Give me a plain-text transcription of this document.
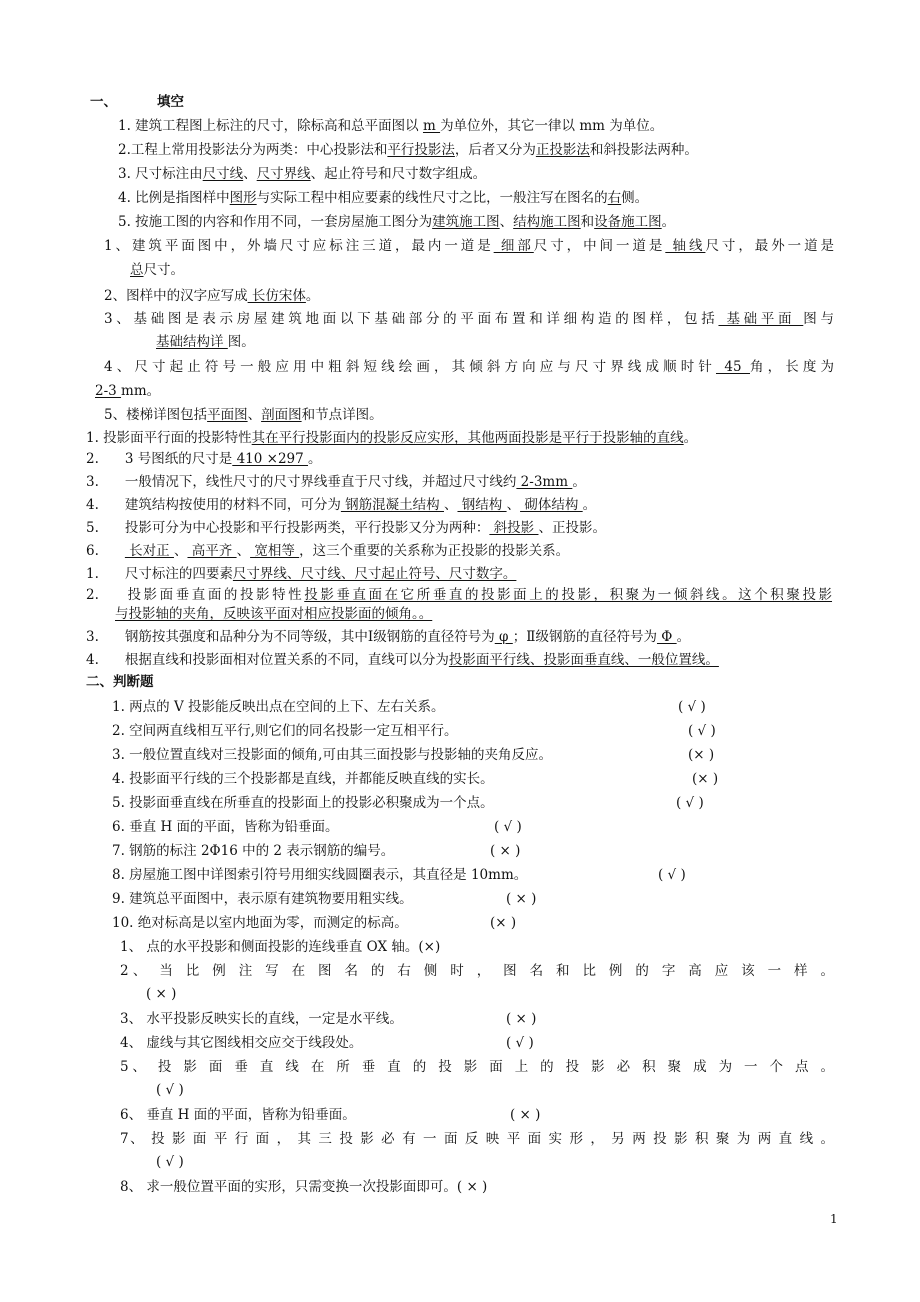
一、	填空
1. 建筑工程图上标注的尺寸，除标高和总平面图以 m 为单位外，其它一律以 mm 为单位。
2.工程上常用投影法分为两类：中心投影法和平行投影法，后者又分为正投影法和斜投影法两种。
3. 尺寸标注由尺寸线、尺寸界线、起止符号和尺寸数字组成。
4. 比例是指图样中图形与实际工程中相应要素的线性尺寸之比，一般注写在图名的右侧。
5. 按施工图的内容和作用不同，一套房屋施工图分为建筑施工图、结构施工图和设备施工图。
1、建筑平面图中，外墙尺寸应标注三道，最内一道是 细部尺寸，中间一道是 轴线尺寸，最外一道是
总尺寸。
2、图样中的汉字应写成 长仿宋体。
3、基础图是表示房屋建筑地面以下基础部分的平面布置和详细构造的图样，包括 基础平面 图与
基础结构详 图。
4、尺寸起止符号一般应用中粗斜短线绘画，其倾斜方向应与尺寸界线成顺时针 45 角，长度为
2-3 mm。
5、楼梯详图包括平面图、剖面图和节点详图。
1. 投影面平行面的投影特性其在平行投影面内的投影反应实形，其他两面投影是平行于投影轴的直线。
2. 3 号图纸的尺寸是 410 ×297 。
3. 一般情况下，线性尺寸的尺寸界线垂直于尺寸线，并超过尺寸线约 2-3mm 。
4. 建筑结构按使用的材料不同，可分为 钢筋混凝土结构 、 钢结构 、 砌体结构 。
5. 投影可分为中心投影和平行投影两类，平行投影又分为两种： 斜投影 、正投影。
6. 长对正 、 高平齐 、 宽相等 ，这三个重要的关系称为正投影的投影关系。
1. 尺寸标注的四要素尺寸界线、尺寸线、尺寸起止符号、尺寸数字。
2. 投影面垂直面的投影特性投影垂直面在它所垂直的投影面上的投影，积聚为一倾斜线。这个积聚投影
与投影轴的夹角，反映该平面对相应投影面的倾角。。
3. 钢筋按其强度和品种分为不同等级，其中Ⅰ级钢筋的直径符号为 φ ；Ⅱ级钢筋的直径符号为 Φ 。
4. 根据直线和投影面相对位置关系的不同，直线可以分为投影面平行线、投影面垂直线、一般位置线。
二、判断题
1. 两点的 V 投影能反映出点在空间的上下、左右关系。	( √ )
2. 空间两直线相互平行,则它们的同名投影一定互相平行。	( √ )
3. 一般位置直线对三投影面的倾角,可由其三面投影与投影轴的夹角反应。	(× )
4. 投影面平行线的三个投影都是直线，并都能反映直线的实长。	(× )
5. 投影面垂直线在所垂直的投影面上的投影必积聚成为一个点。	( √ )
6. 垂直 H 面的平面，皆称为铅垂面。	( √ )
7. 钢筋的标注 2Φ16 中的 2 表示钢筋的编号。	( × )
8. 房屋施工图中详图索引符号用细实线圆圈表示，其直径是 10mm。	( √ )
9. 建筑总平面图中，表示原有建筑物要用粗实线。	( × )
10. 绝对标高是以室内地面为零，而测定的标高。	(× )
1、 点的水平投影和侧面投影的连线垂直 OX 轴。(×)
2、 当 比 例 注 写 在 图 名 的 右 侧 时 ， 图 名 和 比 例 的 字 高 应 该 一 样 。
( × )
3、 水平投影反映实长的直线，一定是水平线。	( × )
4、 虚线与其它图线相交应交于线段处。	( √ )
5、 投 影 面 垂 直 线 在 所 垂 直 的 投 影 面 上 的 投 影 必 积 聚 成 为 一 个 点 。
( √ )
6、 垂直 H 面的平面，皆称为铅垂面。	( × )
7、 投 影 面 平 行 面 ， 其 三 投 影 必 有 一 面 反 映 平 面 实 形 ， 另 两 投 影 积 聚 为 两 直 线 。
( √ )
8、 求一般位置平面的实形，只需变换一次投影面即可。( × )
1
